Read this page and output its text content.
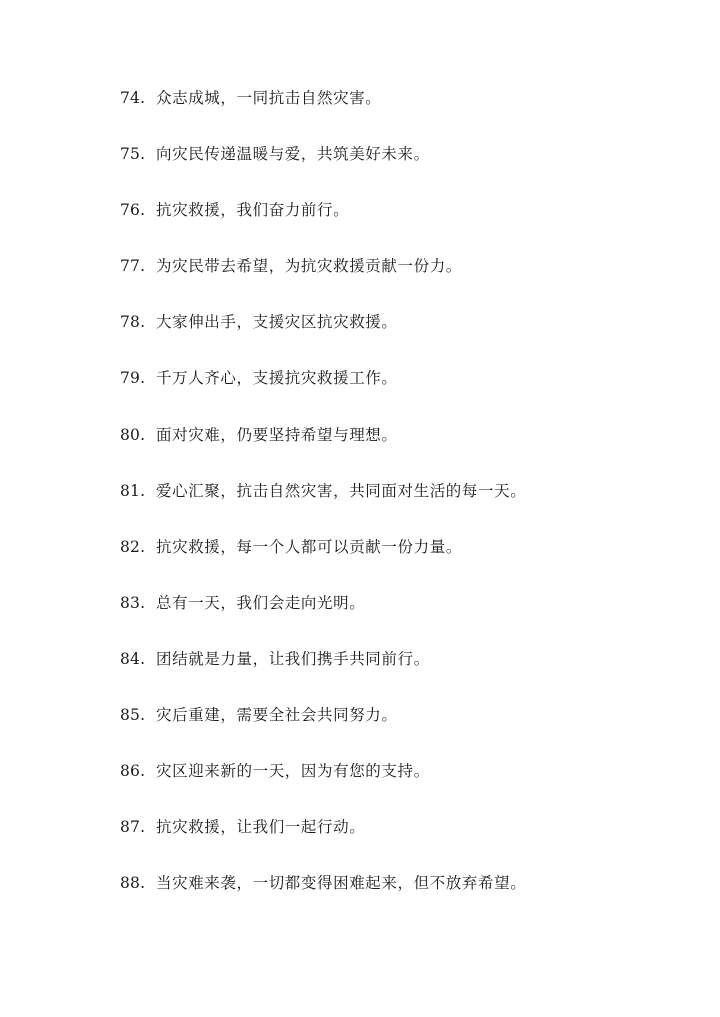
74. 众志成城，一同抗击自然灾害。
75. 向灾民传递温暖与爱，共筑美好未来。
76. 抗灾救援，我们奋力前行。
77. 为灾民带去希望，为抗灾救援贡献一份力。
78. 大家伸出手，支援灾区抗灾救援。
79. 千万人齐心，支援抗灾救援工作。
80. 面对灾难，仍要坚持希望与理想。
81. 爱心汇聚，抗击自然灾害，共同面对生活的每一天。
82. 抗灾救援，每一个人都可以贡献一份力量。
83. 总有一天，我们会走向光明。
84. 团结就是力量，让我们携手共同前行。
85. 灾后重建，需要全社会共同努力。
86. 灾区迎来新的一天，因为有您的支持。
87. 抗灾救援，让我们一起行动。
88. 当灾难来袭，一切都变得困难起来，但不放弃希望。
